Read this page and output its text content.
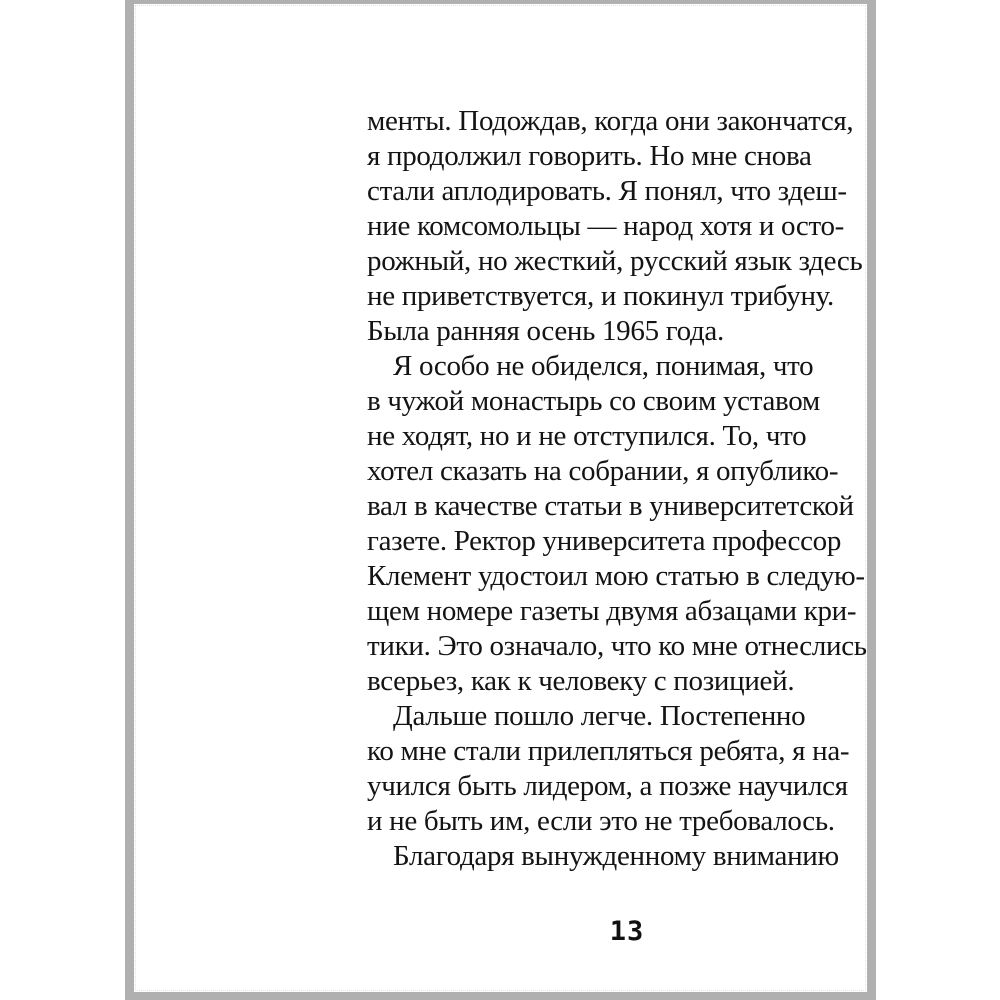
менты. Подождав, когда они закончатся,
я продолжил говорить. Но мне снова
стали аплодировать. Я понял, что здеш-
ние комсомольцы — народ хотя и осто-
рожный, но жесткий, русский язык здесь
не приветствуется, и покинул трибуну.
Была ранняя осень 1965 года.
Я особо не обиделся, понимая, что
в чужой монастырь со своим уставом
не ходят, но и не отступился. То, что
хотел сказать на собрании, я опублико-
вал в качестве статьи в университетской
газете. Ректор университета профессор
Клемент удостоил мою статью в следую-
щем номере газеты двумя абзацами кри-
тики. Это означало, что ко мне отнеслись
всерьез, как к человеку с позицией.
Дальше пошло легче. Постепенно
ко мне стали прилепляться ребята, я на-
учился быть лидером, а позже научился
и не быть им, если это не требовалось.
Благодаря вынужденному вниманию
13
